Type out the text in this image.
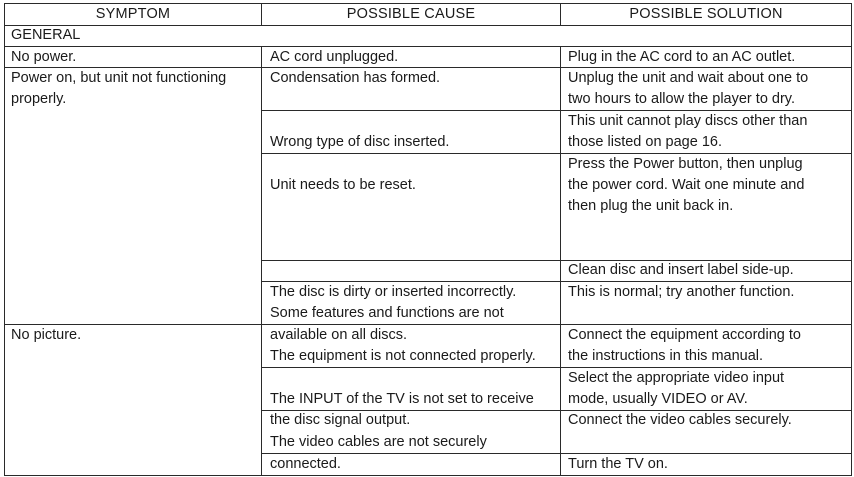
SYMPTOM	POSSIBLE CAUSE	POSSIBLE SOLUTION
GENERAL
No power.
Power on, but unit not functioning
properly.
No picture.
AC cord unplugged.
Condensation has formed.
Wrong type of disc inserted.
Unit needs to be reset.
The disc is dirty or inserted incorrectly.
Some features and functions are not
available on all discs.
The equipment is not connected properly.
The INPUT of the TV is not set to receive
the disc signal output.
The video cables are not securely
connected.
Plug in the AC cord to an AC outlet.
Unplug the unit and wait about one to
two hours to allow the player to dry.
This unit cannot play discs other than
those listed on page 16.
Press the Power button, then unplug
the power cord. Wait one minute and
then plug the unit back in.
Clean disc and insert label side-up.
This is normal; try another function.
Connect the equipment according to
the instructions in this manual.
Select the appropriate video input
mode, usually VIDEO or AV.
Connect the video cables securely.
Turn the TV on.
